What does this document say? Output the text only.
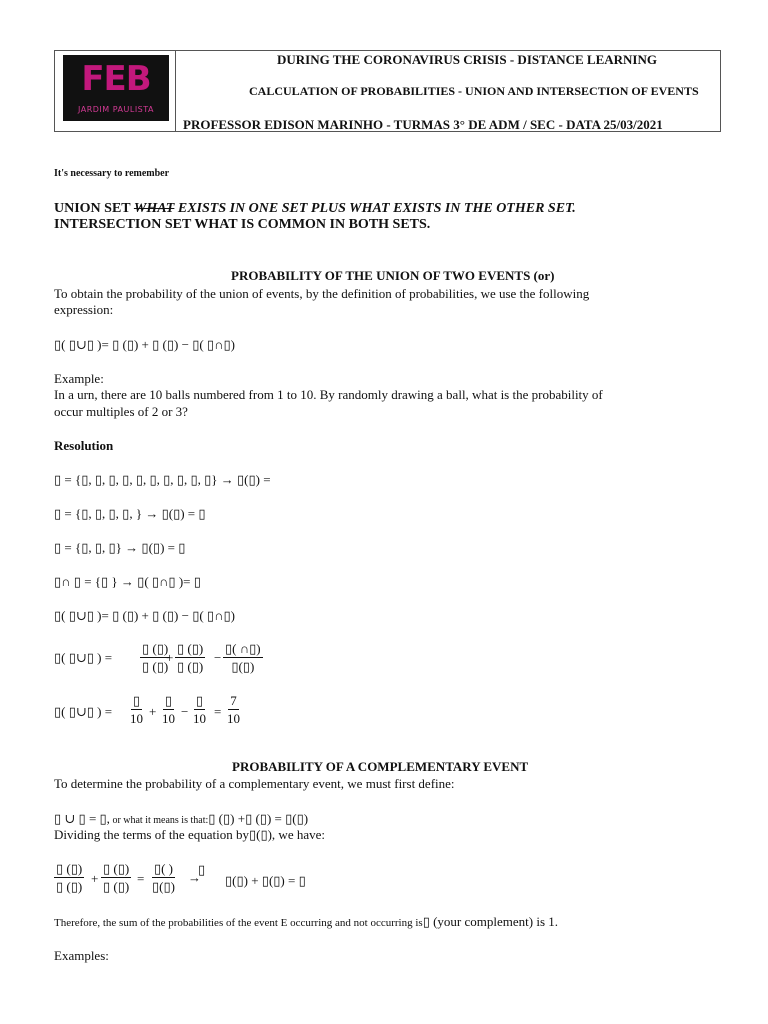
FEB
JARDIM PAULISTA
DURING THE CORONAVIRUS CRISIS - DISTANCE LEARNING
CALCULATION OF PROBABILITIES - UNION AND INTERSECTION OF EVENTS
PROFESSOR EDISON MARINHO - TURMAS 3° DE ADM / SEC - DATA 25/03/2021
It's necessary to remember
UNION SET WHAT EXISTS IN ONE SET PLUS WHAT EXISTS IN THE OTHER SET.
INTERSECTION SET WHAT IS COMMON IN BOTH SETS.
PROBABILITY OF THE UNION OF TWO EVENTS (or)
To obtain the probability of the union of events, by the definition of probabilities, we use the following
expression:
▯( ▯∪▯ )= ▯ (▯) + ▯ (▯) − ▯( ▯∩▯)
Example:
In a urn, there are 10 balls numbered from 1 to 10. By randomly drawing a ball, what is the probability of
occur multiples of 2 or 3?
Resolution
▯ = {▯, ▯, ▯, ▯, ▯, ▯, ▯, ▯, ▯, ▯} → ▯(▯) =
▯ = {▯, ▯, ▯, ▯, } → ▯(▯) = ▯
▯ = {▯, ▯, ▯} → ▯(▯) = ▯
▯∩ ▯ = {▯ } → ▯( ▯∩▯ )= ▯
▯( ▯∪▯ )= ▯ (▯) + ▯ (▯) − ▯( ▯∩▯)
▯( ▯∪▯ ) =
▯ (▯)
▯ (▯)
+
▯ (▯)
▯ (▯)
−
▯( ∩▯)
▯(▯)
▯( ▯∪▯ ) =
▯
10 +
▯
10 −
▯
$10 = \frac{7}{10}$
PROBABILITY OF A COMPLEMENTARY EVENT
To determine the probability of a complementary event, we must first define:
▯ ∪ ▯ = ▯, or what it means is that:▯ (▯) +▯ (▯) = ▯(▯)
Dividing the terms of the equation by▯(▯), we have:
▯ (▯)
▯ (▯)
+
▯ (▯)
▯ (▯)
=
▯( )
▯(▯)
→
▯
▯(▯) + ▯(▯) = ▯
Therefore, the sum of the probabilities of the event E occurring and not occurring is▯ (your complement) is 1.
Examples:
